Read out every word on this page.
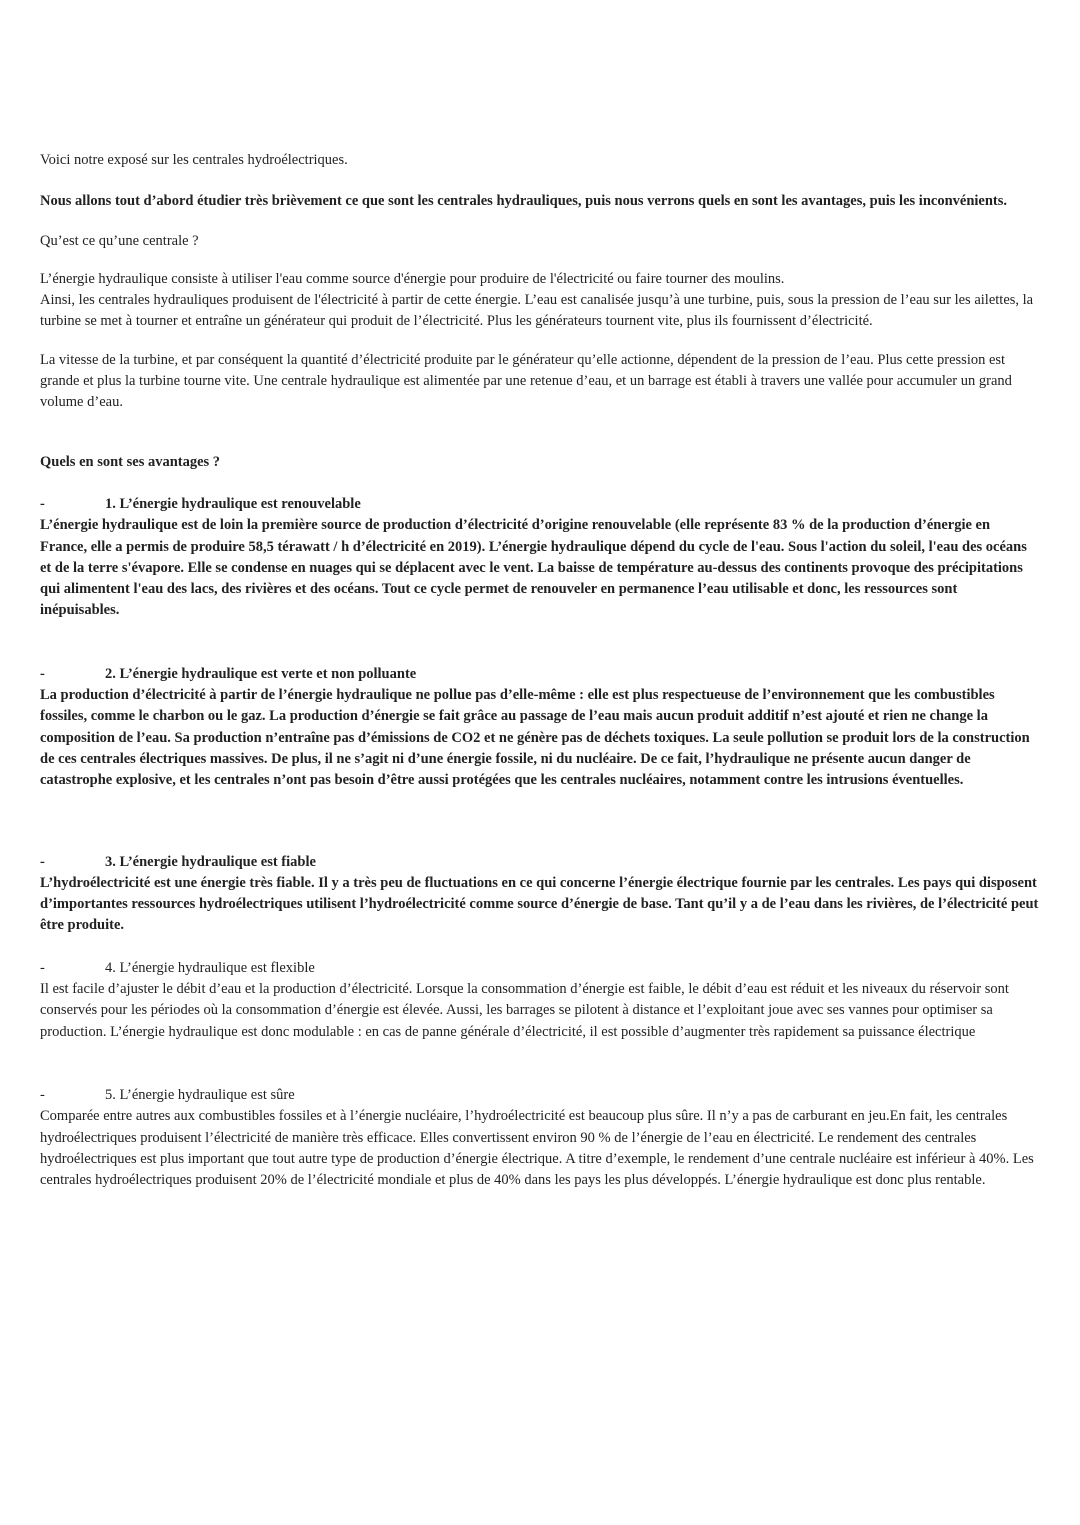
Voici notre exposé sur les centrales hydroélectriques.

Nous allons tout d’abord étudier très brièvement ce que sont les centrales hydrauliques, puis nous verrons quels en sont les avantages, puis les inconvénients.

Qu’est ce qu’une centrale ?

L’énergie hydraulique consiste à utiliser l'eau comme source d'énergie pour produire de l'électricité ou faire tourner des moulins.

Ainsi, les centrales hydrauliques produisent de l'électricité à partir de cette énergie. L’eau est canalisée jusqu’à une turbine, puis, sous la pression de l’eau sur les ailettes, la turbine se met à tourner et entraîne un générateur qui produit de l’électricité. Plus les générateurs tournent vite, plus ils fournissent d’électricité.

La vitesse de la turbine, et par conséquent la quantité d’électricité produite par le générateur qu’elle actionne, dépendent de la pression de l’eau. Plus cette pression est grande et plus la turbine tourne vite. Une centrale hydraulique est alimentée par une retenue d’eau, et un barrage est établi à travers une vallée pour accumuler un grand volume d’eau.

Quels en sont ses avantages ?

-	1. L’énergie hydraulique est renouvelable

L’énergie hydraulique est de loin la première source de production d’électricité d’origine renouvelable (elle représente 83 % de la production d’énergie en France, elle a permis de produire 58,5 térawatt / h d’électricité en 2019). L’énergie hydraulique dépend du cycle de l'eau. Sous l'action du soleil, l'eau des océans et de la terre s'évapore. Elle se condense en nuages qui se déplacent avec le vent. La baisse de température au-dessus des continents provoque des précipitations qui alimentent l'eau des lacs, des rivières et des océans. Tout ce cycle permet de renouveler en permanence l’eau utilisable et donc, les ressources sont inépuisables.

-	2. L’énergie hydraulique est verte et non polluante

La production d’électricité à partir de l’énergie hydraulique ne pollue pas d’elle-même : elle est plus respectueuse de l’environnement que les combustibles fossiles, comme le charbon ou le gaz. La production d’énergie se fait grâce au passage de l’eau mais aucun produit additif n’est ajouté et rien ne change la composition de l’eau. Sa production n’entraîne pas d’émissions de CO2 et ne génère pas de déchets toxiques. La seule pollution se produit lors de la construction de ces centrales électriques massives. De plus, il ne s’agit ni d’une énergie fossile, ni du nucléaire. De ce fait, l’hydraulique ne présente aucun danger de catastrophe explosive, et les centrales n’ont pas besoin d’être aussi protégées que les centrales nucléaires, notamment contre les intrusions éventuelles.

-	3. L’énergie hydraulique est fiable

L’hydroélectricité est une énergie très fiable. Il y a très peu de fluctuations en ce qui concerne l’énergie électrique fournie par les centrales. Les pays qui disposent d’importantes ressources hydroélectriques utilisent l’hydroélectricité comme source d’énergie de base. Tant qu’il y a de l’eau dans les rivières, de l’électricité peut être produite.

-	4. L’énergie hydraulique est flexible

Il est facile d’ajuster le débit d’eau et la production d’électricité. Lorsque la consommation d’énergie est faible, le débit d’eau est réduit et les niveaux du réservoir sont conservés pour les périodes où la consommation d’énergie est élevée. Aussi, les barrages se pilotent à distance et l’exploitant joue avec ses vannes pour optimiser sa production. L’énergie hydraulique est donc modulable : en cas de panne générale d’électricité, il est possible d’augmenter très rapidement sa puissance électrique

-	5. L’énergie hydraulique est sûre

Comparée entre autres aux combustibles fossiles et à l’énergie nucléaire, l’hydroélectricité est beaucoup plus sûre. Il n’y a pas de carburant en jeu.En fait, les centrales hydroélectriques produisent l’électricité de manière très efficace. Elles convertissent environ 90 % de l’énergie de l’eau en électricité. Le rendement des centrales hydroélectriques est plus important que tout autre type de production d’énergie électrique. A titre d’exemple, le rendement d’une centrale nucléaire est inférieur à 40%. Les centrales hydroélectriques produisent 20% de l’électricité mondiale et plus de 40% dans les pays les plus développés. L’énergie hydraulique est donc plus rentable.
